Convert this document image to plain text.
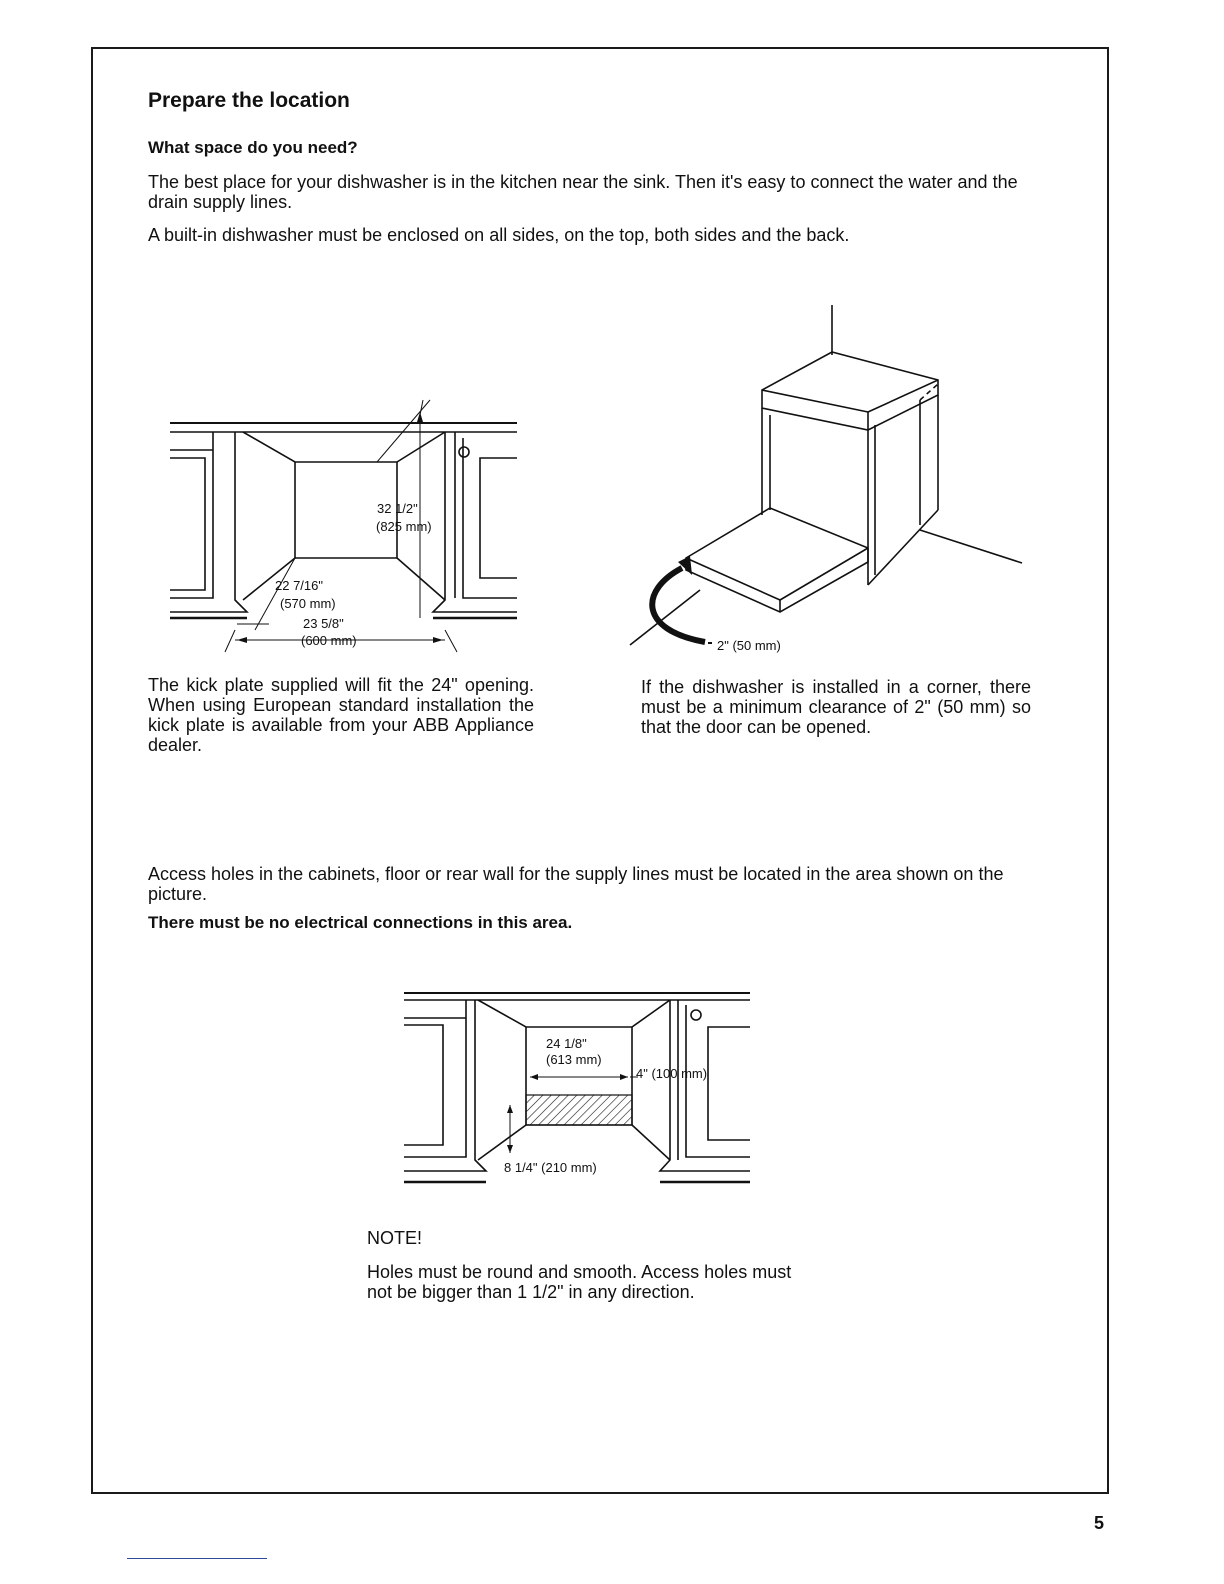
Prepare the location
What space do you need?
The best place for your dishwasher is in the kitchen near the sink. Then it's easy to connect the water and the drain supply lines.
A built-in dishwasher must be enclosed on all sides, on the top, both sides and the back.
32 1/2"
(825 mm)
22 7/16"
(570 mm)
23 5/8"
(600 mm)	2" (50 mm)
The kick plate supplied will fit the 24" opening. When using European standard installation the kick plate is available from your ABB Appliance dealer.
If the dishwasher is installed in a corner, there must be a minimum clearance of 2" (50 mm) so that the door can be opened.
Access holes in the cabinets, floor or rear wall for the supply lines must be located in the area shown on the picture.
There must be no electrical connections in this area.
24 1/8"
(613 mm)
4" (100 mm)
8 1/4" (210 mm)
NOTE!
Holes must be round and smooth. Access holes must not be bigger than 1 1/2" in any direction.
5
